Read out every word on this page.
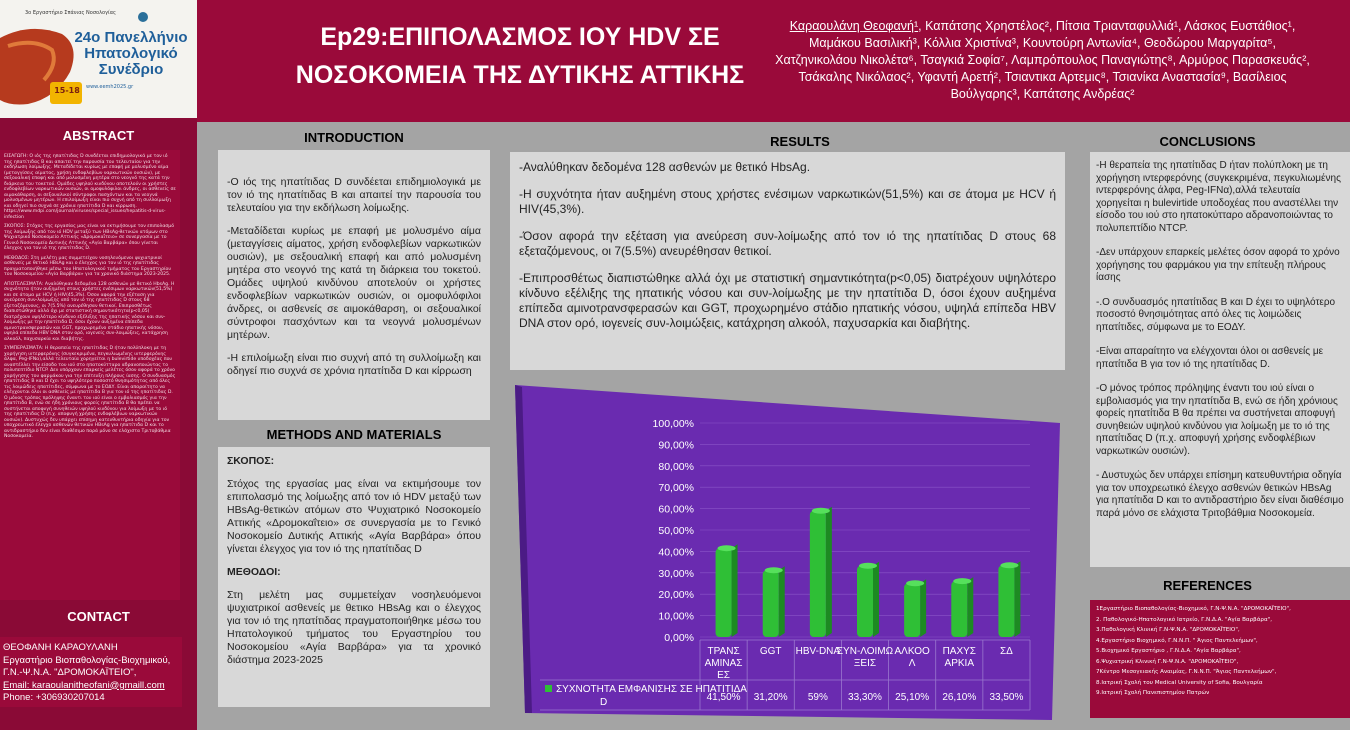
3ο Εργαστήριο Σπάνιας Νοσολογίας
24ο Πανελλήνιο
Ηπατολογικό
Συνέδριο
15-18 www.eemh2025.gr
ABSTRACT

ΕΙΣΑΓΩΓΗ: Ο ιός της ηπατίτιδας D συνδέεται επιδημιολογικά με τον ιό της ηπατίτιδας Β και απαιτεί την παρουσία του τελευταίου για την εκδήλωση λοίμωξης. Μεταδίδεται κυρίως με επαφή με μολυσμένο αίμα (μεταγγίσεις αίματος, χρήση ενδοφλεβίων ναρκωτικών ουσιών), με σεξουαλική επαφή και από μολυσμένη μητέρα στο νεογνό της κατά την διάρκεια του τοκετού. Ομάδες υψηλού κινδύνου αποτελούν οι χρήστες ενδοφλεβίων ναρκωτικών ουσιών, οι ομοφυλόφιλοι άνδρες, οι ασθενείς σε αιμοκάθαρση, οι σεξουαλικοί σύντροφοι πασχόντων και τα νεογνά μολυσμένων μητέρων. Η επιλοίμωξη είναι πιο συχνή από τη συλλοίμωξη και οδηγεί πιο συχνά σε χρόνια ηπατίτιδα D και κίρρωση. https://www.mdpi.com/journal/viruses/special_issues/hepatitis-d-virus-infection

ΣΚΟΠΟΣ: Στόχος της εργασίας μας είναι να εκτιμήσουμε τον επιπολασμό της λοίμωξης από τον ιό HDV μεταξύ των HBsAg-θετικών ατόμων στο Ψυχιατρικό Νοσοκομείο Αττικής «Δρομοκαΐτειο» σε συνεργασία με το Γενικό Νοσοκομείο Δυτικής Αττικής «Αγία Βαρβάρα» όπου γίνεται έλεγχος για τον ιό της ηπατίτιδας D.

ΜΕΘΟΔΟΣ: Στη μελέτη μας συμμετείχαν νοσηλευόμενοι ψυχιατρικοί ασθενείς με θετικό HBsAg και ο έλεγχος για τον ιό της ηπατίτιδας πραγματοποιήθηκε μέσω του Ηπατολογικού τμήματος του Εργαστηρίου του Νοσοκομείου «Αγία Βαρβάρα» για τα χρονικό διάστημα 2023-2025.

ΑΠΟΤΕΛΕΣΜΑΤΑ: Αναλύθηκαν δεδομένα 128 ασθενών με θετικό HbsAg. Η συχνότητα ήταν αυξημένη στους χρήστες ενέσιμων ναρκωτικών(51,5%) και σε άτομα με HCV ή HIV(45,3%). Όσον αφορά την εξέταση για ανεύρεση συν-λοίμωξης από τον ιό της ηπατίτιδας D στους 68 εξεταζόμενους, οι 7(5.5%) ανευρέθησαν θετικοί. Επιπροσθέτως διαπιστώθηκε αλλά όχι με στατιστική σημαντικότητα(p<0,05) διατρέχουν υψηλότερο κίνδυνο εξέλιξης της ηπατικής νόσου και συν-λοίμωξης με την ηπατίτιδα D, όσοι έχουν αυξημένα επίπεδα αμινοτρανσφερασών και GGT, προχωρημένο στάδιο ηπατικής νόσου, υψηλά επίπεδα HBV DNA στον ορό, ιογενείς συν-λοιμώξεις, κατάχρηση αλκοόλ, παχυσαρκία και διαβήτης.

ΣΥΜΠΕΡΑΣΜΑΤΑ: Η θεραπεία της ηπατίτιδας D ήταν πολύπλοκη με τη χορήγηση ιντερφερόνης (συγκεκριμένα, πεγκυλιωμένης ιντερφερόνης άλφα, Peg-IFNα),αλλά τελευταία χορηγείται η bulevirtide υποδοχέας που αναστέλλει την είσοδο του ιού στο ηπατοκύτταρο αδρανοποιώντας το πολυπεπτίδιο NTCP. Δεν υπάρχουν επαρκείς μελέτες όσον αφορά το χρόνο χορήγησης του φαρμάκου για την επίτευξη πλήρους ίασης. Ο συνδυασμός ηπατίτιδας Β και D έχει το υψηλότερο ποσοστό θνησιμότητας από όλες τις λοιμώδεις ηπατίτιδες, σύμφωνα με το ΕΟΔΥ. Είναι απαραίτητο να ελέγχονται όλοι οι ασθενείς με ηπατίτιδα Β για τον ιό της ηπατίτιδας D. Ο μόνος τρόπος πρόληψης έναντι του ιού είναι ο εμβολιασμός για την ηπατίτιδα Β, ενώ σε ήδη χρόνιους φορείς ηπατίτιδα Β θα πρέπει να συστήνεται αποφυγή συνηθειών υψηλού κινδύνου για λοίμωξη με το ιό της ηπατίτιδας D (π.χ. αποφυγή χρήσης ενδοφλέβιων ναρκωτικών ουσιών). Δυστυχώς δεν υπάρχει επίσημη κατευθυντήρια οδηγία για τον υποχρεωτικό έλεγχο ασθενών θετικών HBsAg για ηπατίτιδα D και το αντιδραστήριο δεν είναι διαθέσιμο παρά μόνο σε ελάχιστα Τριτοβάθμια Νοσοκομεία.

CONTACT
ΘΕΟΦΑΝΗ ΚΑΡΑΟΥΛΑΝΗ
Εργαστήριο Βιοπαθολογίας-Βιοχημικού,
Γ.Ν.-Ψ.Ν.Α. "ΔΡΟΜΟΚΑΪΤΕΙΟ",
Email: karaoulanitheofani@gmaill.com
Phone: +306930207014
Ep29:ΕΠΙΠΟΛΑΣΜΟΣ ΙΟΥ HDV ΣΕ
ΝΟΣΟΚΟΜΕΙΑ ΤΗΣ ΔΥΤΙΚΗΣ ΑΤΤΙΚΗΣ
Καραουλάνη Θεοφανή¹, Καπάτσης Χρηστέλος², Πίτσια Τριανταφυλλιά¹, Λάσκος Ευστάθιος¹, Μαμάκου Βασιλική³, Κόλλια Χριστίνα³, Κουντούρη Αντωνία⁴, Θεοδώρου Μαργαρίτα⁵, Χατζηνικολάου Νικολέτα⁶, Τσαγκιά Σοφία⁷, Λαμπρόπουλος Παναγιώτης⁸, Αρμύρος Παρασκευάς², Τσάκαλης Νικόλαος², Υφαντή Αρετή², Τσιαντικα Αρτεμις⁸, Τσιανίκα Αναστασία⁹, Βασίλειος Βούλγαρης³, Καπάτσης Ανδρέας²
INTRODUCTION

-Ο ιός της ηπατίτιδας D συνδέεται επιδημιολογικά με τον ιό της ηπατίτιδας Β και απαιτεί την παρουσία του τελευταίου για την εκδήλωση λοίμωξης.

-Μεταδίδεται κυρίως με επαφή με μολυσμένο αίμα (μεταγγίσεις αίματος, χρήση ενδοφλεβίων ναρκωτικών ουσιών), με σεξουαλική επαφή και από μολυσμένη μητέρα στο νεογνό της κατά τη διάρκεια του τοκετού. Ομάδες υψηλού κινδύνου αποτελούν οι χρήστες ενδοφλεβίων ναρκωτικών ουσιών, οι ομοφυλόφιλοι άνδρες, οι ασθενείς σε αιμοκάθαρση, οι σεξουαλικοί σύντροφοι πασχόντων και τα νεογνά μολυσμένων μητέρων.

-Η επιλοίμωξη είναι πιο συχνή από τη συλλοίμωξη και οδηγεί πιο συχνά σε χρόνια ηπατίτιδα D και κίρρωση

METHODS AND MATERIALS

ΣΚΟΠΟΣ:

Στόχος της εργασίας μας είναι να εκτιμήσουμε τον επιπολασμό της λοίμωξης από τον ιό HDV μεταξύ των HBsAg-θετικών ατόμων στο Ψυχιατρικό Νοσοκομείο Αττικής «Δρομοκαΐτειο» σε συνεργασία με το Γενικό Νοσοκομείο Δυτικής Αττικής «Αγία Βαρβάρα» όπου γίνεται έλεγχος για τον ιό της ηπατίτιδας D

ΜΕΘΟΔΟΙ:

Στη μελέτη μας συμμετείχαν νοσηλευόμενοι ψυχιατρικοί ασθενείς με θετικο HBsAg και ο έλεγχος για τον ιό της ηπατίτιδας πραγματοποιήθηκε μέσω του Ηπατολογικού τμήματος του Εργαστηρίου του Νοσοκομείου «Αγία Βαρβάρα» για τα χρονικό διάστημα 2023-2025

RESULTS

-Αναλύθηκαν δεδομένα 128 ασθενών με θετικό HbsAg.

-Η συχνότητα ήταν αυξημένη στους χρήστες ενέσιμων ναρκωτικών(51,5%) και σε άτομα με HCV ή HIV(45,3%).

-Όσον αφορά την εξέταση για ανεύρεση συν-λοίμωξης από τον ιό της ηπατίτιδας D στους 68 εξεταζόμενους, οι 7(5.5%) ανευρέθησαν θετικοί.

-Επιπροσθέτως διαπιστώθηκε αλλά όχι με στατιστική σημαντικότητα(p<0,05) διατρέχουν υψηλότερο κίνδυνο εξέλιξης της ηπατικής νόσου και συν-λοίμωξης με την ηπατίτιδα D, όσοι έχουν αυξημένα επίπεδα αμινοτρανσφερασών και GGT, προχωρημένο στάδιο ηπατικής νόσου, υψηλά επίπεδα HBV DNA στον ορό, ιογενείς συν-λοιμώξεις, κατάχρηση αλκοόλ, παχυσαρκία και διαβήτης.

0,00%
10,00%
20,00%
30,00%
40,00%
50,00%
60,00%
70,00%
80,00%
90,00%
100,00%
ΤΡΑΝΣ
ΑΜΙΝΑΣ
ΕΣ
41,50%
GGT
31,20%
HBV-DNA
59%
ΣΥΝ-ΛΟΙΜΩ
ΞΕΙΣ
33,30%
ΑΛΚΟΟ
Λ
25,10%
ΠΑΧΥΣ
ΑΡΚΙΑ
26,10%
ΣΔ
33,50%
ΣΥΧΝΟΤΗΤΑ ΕΜΦΑΝΙΣΗΣ ΣΕ ΗΠΑΤΙΤΙΔΑ
D
CONCLUSIONS

-Η θεραπεία της ηπατίτιδας D ήταν πολύπλοκη με τη χορήγηση ιντερφερόνης (συγκεκριμένα, πεγκυλιωμένης ιντερφερόνης άλφα, Peg-IFNα),αλλά τελευταία χορηγείται η bulevirtide υποδοχέας που αναστέλλει την είσοδο του ιού στο ηπατοκύτταρο αδρανοποιώντας το πολυπεπτίδιο NTCP.

-Δεν υπάρχουν επαρκείς μελέτες όσον αφορά το χρόνο χορήγησης του φαρμάκου για την επίτευξη πλήρους ίασης

-.Ο συνδυασμός ηπατίτιδας Β και D έχει το υψηλότερο ποσοστό θνησιμότητας από όλες τις λοιμώδεις ηπατίτιδες, σύμφωνα με το ΕΟΔΥ.

-Είναι απαραίτητο να ελέγχονται όλοι οι ασθενείς με ηπατίτιδα Β για τον ιό της ηπατίτιδας D.

-Ο μόνος τρόπος πρόληψης έναντι του ιού είναι ο εμβολιασμός για την ηπατίτιδα Β, ενώ σε ήδη χρόνιους φορείς ηπατίτιδα Β θα πρέπει να συστήνεται αποφυγή συνηθειών υψηλού κινδύνου για λοίμωξη με το ιό της ηπατίτιδας D (π.χ. αποφυγή χρήσης ενδοφλέβιων ναρκωτικών ουσιών).

- Δυστυχώς δεν υπάρχει επίσημη κατευθυντήρια οδηγία για τον υποχρεωτικό έλεγχο ασθενών θετικών HBsAg για ηπατίτιδα D και το αντιδραστήριο δεν είναι διαθέσιμο παρά μόνο σε ελάχιστα Τριτοβάθμια Νοσοκομεία.

REFERENCES
1Εργαστήριο Βιοπαθολογίας-Βιοχημικό, Γ.Ν-Ψ.Ν.Α. "ΔΡΟΜΟΚΑΪΤΕΙΟ",
2. Παθολογικό-Ηπατολογικό Ιατρείο, Γ.Ν.Δ.Α. "Αγία Βαρβάρα",
3.Παθολογική Κλινική Γ.Ν-Ψ.Ν.Α. "ΔΡΟΜΟΚΑΪΤΕΙΟ",
4.Εργαστήριο Βιοχημικό, Γ.Ν.Ν.Π. " Άγιος Παντελεήμων",
5.Βιοχημικό Εργαστήριο , Γ.Ν.Δ.Α. "Αγία Βαρβάρα",
6.Ψυχιατρική Κλινική Γ.Ν-Ψ.Ν.Α. "ΔΡΟΜΟΚΑΪΤΕΙΟ",
7Κέντρο Μεσογειακής Αναιμίας, Γ.Ν.Ν.Π. "Άγιος Παντελεήμων",
8.Ιατρική Σχολή του Medical University of Sofia, Βουλγαρία
9.Ιατρική Σχολή Πανεπιστημίου Πατρών
